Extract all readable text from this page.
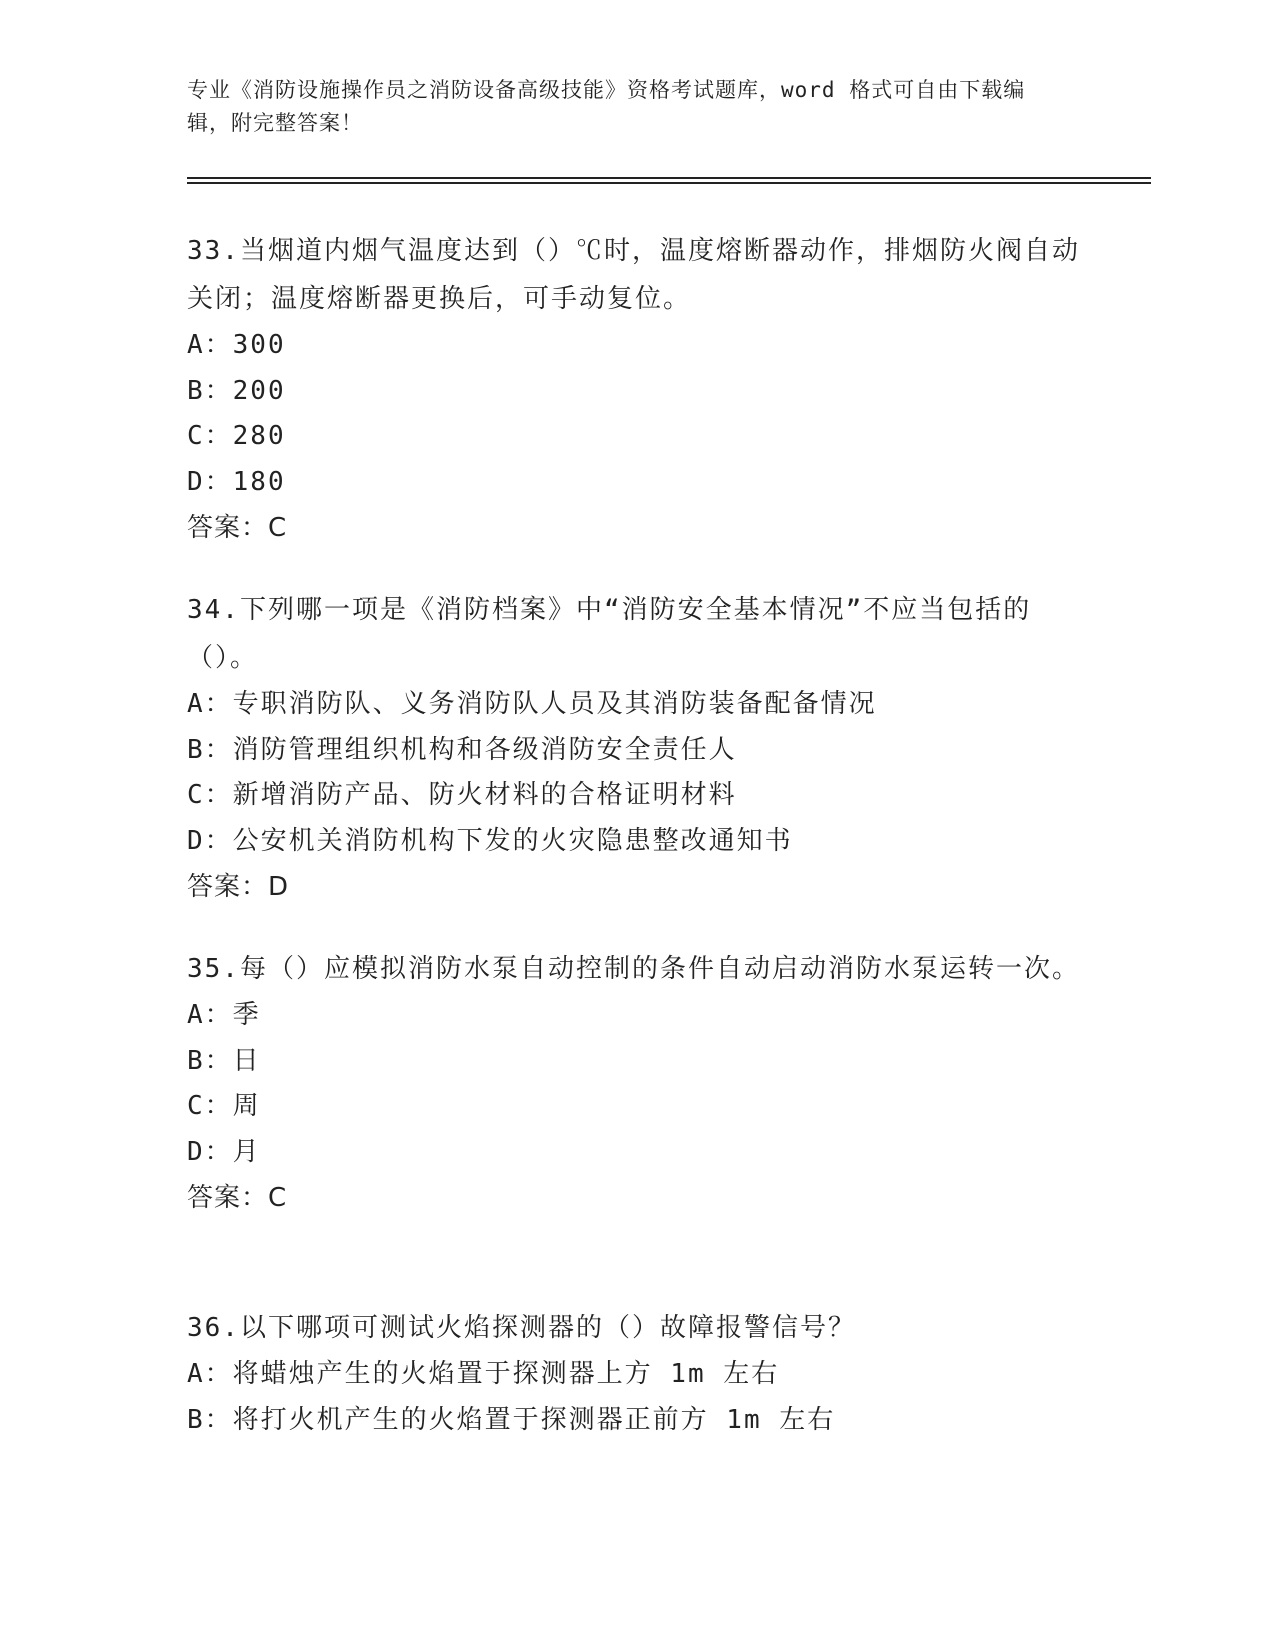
专业《消防设施操作员之消防设备高级技能》资格考试题库，word 格式可自由下载编辑，附完整答案！

33.当烟道内烟气温度达到（）℃时，温度熔断器动作，排烟防火阀自动关闭；温度熔断器更换后，可手动复位。

A：300

B：200

C：280

D：180

答案：C

34.下列哪一项是《消防档案》中“消防安全基本情况”不应当包括的（）。

A：专职消防队、义务消防队人员及其消防装备配备情况

B：消防管理组织机构和各级消防安全责任人

C：新增消防产品、防火材料的合格证明材料

D：公安机关消防机构下发的火灾隐患整改通知书

答案：D

35.每（）应模拟消防水泵自动控制的条件自动启动消防水泵运转一次。

A：季

B：日

C：周

D：月

答案：C

36.以下哪项可测试火焰探测器的（）故障报警信号？

A：将蜡烛产生的火焰置于探测器上方 1m 左右

B：将打火机产生的火焰置于探测器正前方 1m 左右
